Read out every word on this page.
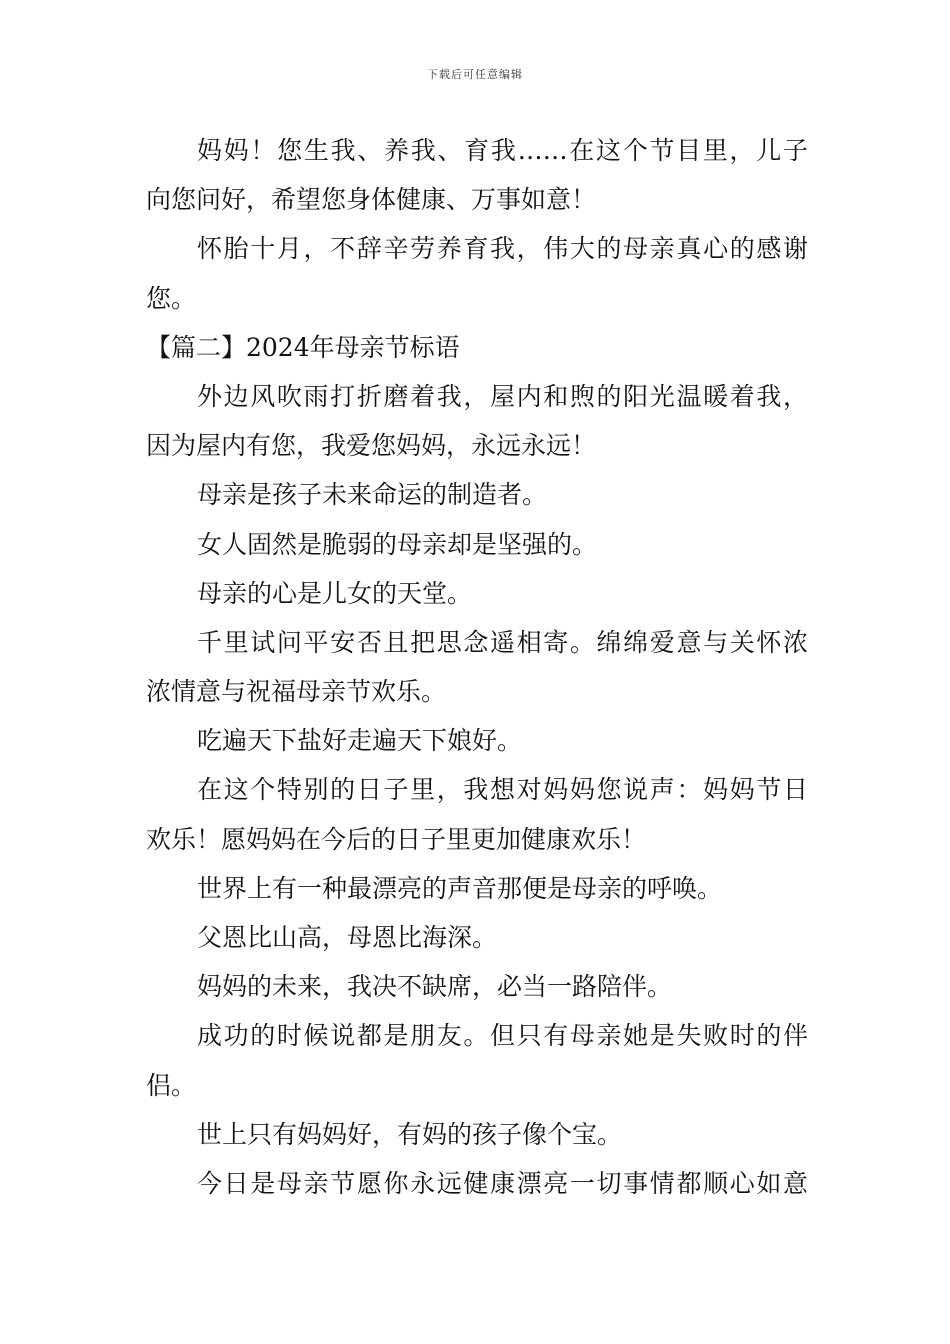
下载后可任意编辑
妈妈！您生我、养我、育我……在这个节目里，儿子
向您问好，希望您身体健康、万事如意！
怀胎十月，不辞辛劳养育我，伟大的母亲真心的感谢
您。
【篇二】2024年母亲节标语
外边风吹雨打折磨着我，屋内和煦的阳光温暖着我，
因为屋内有您，我爱您妈妈，永远永远！
母亲是孩子未来命运的制造者。
女人固然是脆弱的母亲却是坚强的。
母亲的心是儿女的天堂。
千里试问平安否且把思念遥相寄。绵绵爱意与关怀浓
浓情意与祝福母亲节欢乐。
吃遍天下盐好走遍天下娘好。
在这个特别的日子里，我想对妈妈您说声：妈妈节日
欢乐！愿妈妈在今后的日子里更加健康欢乐！
世界上有一种最漂亮的声音那便是母亲的呼唤。
父恩比山高，母恩比海深。
妈妈的未来，我决不缺席，必当一路陪伴。
成功的时候说都是朋友。但只有母亲她是失败时的伴
侣。
世上只有妈妈好，有妈的孩子像个宝。
今日是母亲节愿你永远健康漂亮一切事情都顺心如意
